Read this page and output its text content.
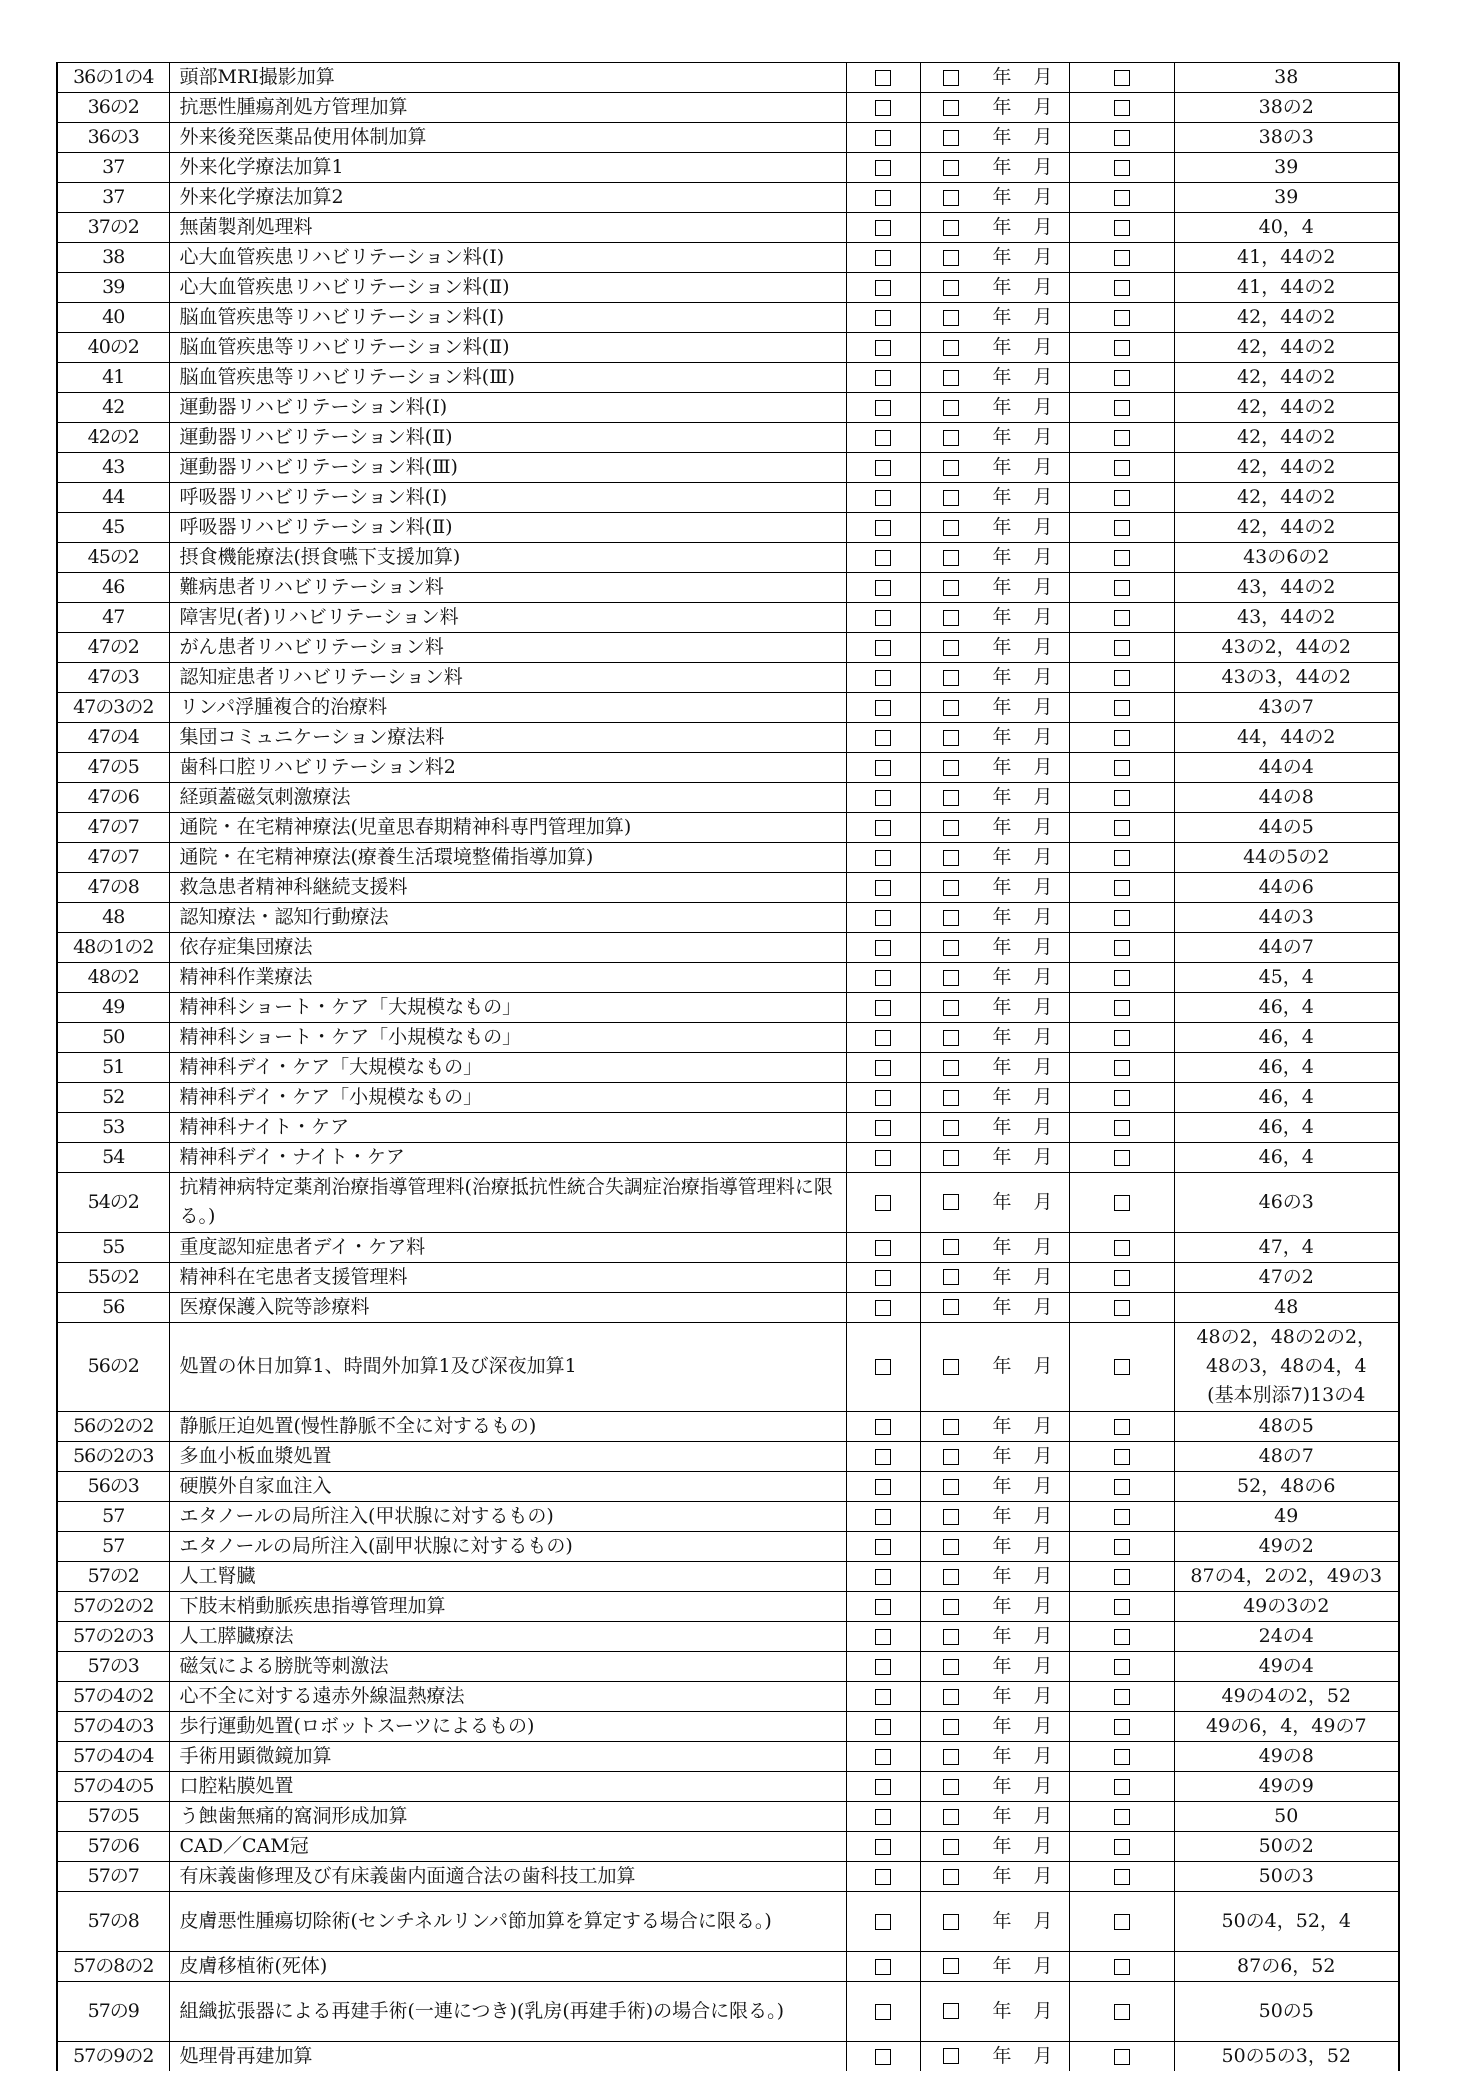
36の1の4	頭部MRI撮影加算		年 月		38
36の2	抗悪性腫瘍剤処方管理加算		年 月		38の2
36の3	外来後発医薬品使用体制加算		年 月		38の3
37	外来化学療法加算1		年 月		39
37	外来化学療法加算2		年 月		39
37の2	無菌製剤処理料		年 月		40，4
38	心大血管疾患リハビリテーション料(Ⅰ)		年 月		41，44の2
39	心大血管疾患リハビリテーション料(Ⅱ)		年 月		41，44の2
40	脳血管疾患等リハビリテーション料(Ⅰ)		年 月		42，44の2
40の2	脳血管疾患等リハビリテーション料(Ⅱ)		年 月		42，44の2
41	脳血管疾患等リハビリテーション料(Ⅲ)		年 月		42，44の2
42	運動器リハビリテーション料(Ⅰ)		年 月		42，44の2
42の2	運動器リハビリテーション料(Ⅱ)		年 月		42，44の2
43	運動器リハビリテーション料(Ⅲ)		年 月		42，44の2
44	呼吸器リハビリテーション料(Ⅰ)		年 月		42，44の2
45	呼吸器リハビリテーション料(Ⅱ)		年 月		42，44の2
45の2	摂食機能療法(摂食嚥下支援加算)		年 月		43の6の2
46	難病患者リハビリテーション料		年 月		43，44の2
47	障害児(者)リハビリテーション料		年 月		43，44の2
47の2	がん患者リハビリテーション料		年 月		43の2，44の2
47の3	認知症患者リハビリテーション料		年 月		43の3，44の2
47の3の2	リンパ浮腫複合的治療料		年 月		43の7
47の4	集団コミュニケーション療法料		年 月		44，44の2
47の5	歯科口腔リハビリテーション料2		年 月		44の4
47の6	経頭蓋磁気刺激療法		年 月		44の8
47の7	通院・在宅精神療法(児童思春期精神科専門管理加算)		年 月		44の5
47の7	通院・在宅精神療法(療養生活環境整備指導加算)		年 月		44の5の2
47の8	救急患者精神科継続支援料		年 月		44の6
48	認知療法・認知行動療法		年 月		44の3
48の1の2	依存症集団療法		年 月		44の7
48の2	精神科作業療法		年 月		45，4
49	精神科ショート・ケア「大規模なもの」		年 月		46，4
50	精神科ショート・ケア「小規模なもの」		年 月		46，4
51	精神科デイ・ケア「大規模なもの」		年 月		46，4
52	精神科デイ・ケア「小規模なもの」		年 月		46，4
53	精神科ナイト・ケア		年 月		46，4
54	精神科デイ・ナイト・ケア		年 月		46，4
54の2	抗精神病特定薬剤治療指導管理料(治療抵抗性統合失調症治療指導管理料に限る。)		年 月		46の3
55	重度認知症患者デイ・ケア料		年 月		47，4
55の2	精神科在宅患者支援管理料		年 月		47の2
56	医療保護入院等診療料		年 月		48
56の2	処置の休日加算1、時間外加算1及び深夜加算1		年 月		48の2，48の2の2，
48の3，48の4，4
(基本別添7)13の4
56の2の2	静脈圧迫処置(慢性静脈不全に対するもの)		年 月		48の5
56の2の3	多血小板血漿処置		年 月		48の7
56の3	硬膜外自家血注入		年 月		52，48の6
57	エタノールの局所注入(甲状腺に対するもの)		年 月		49
57	エタノールの局所注入(副甲状腺に対するもの)		年 月		49の2
57の2	人工腎臓		年 月		87の4，2の2，49の3
57の2の2	下肢末梢動脈疾患指導管理加算		年 月		49の3の2
57の2の3	人工膵臓療法		年 月		24の4
57の3	磁気による膀胱等刺激法		年 月		49の4
57の4の2	心不全に対する遠赤外線温熱療法		年 月		49の4の2，52
57の4の3	歩行運動処置(ロボットスーツによるもの)		年 月		49の6，4，49の7
57の4の4	手術用顕微鏡加算		年 月		49の8
57の4の5	口腔粘膜処置		年 月		49の9
57の5	う蝕歯無痛的窩洞形成加算		年 月		50
57の6	CAD／CAM冠		年 月		50の2
57の7	有床義歯修理及び有床義歯内面適合法の歯科技工加算		年 月		50の3
57の8	皮膚悪性腫瘍切除術(センチネルリンパ節加算を算定する場合に限る。)		年 月		50の4，52，4
57の8の2	皮膚移植術(死体)		年 月		87の6，52
57の9	組織拡張器による再建手術(一連につき)(乳房(再建手術)の場合に限る。)		年 月		50の5
57の9の2	処理骨再建加算		年 月		50の5の3，52
